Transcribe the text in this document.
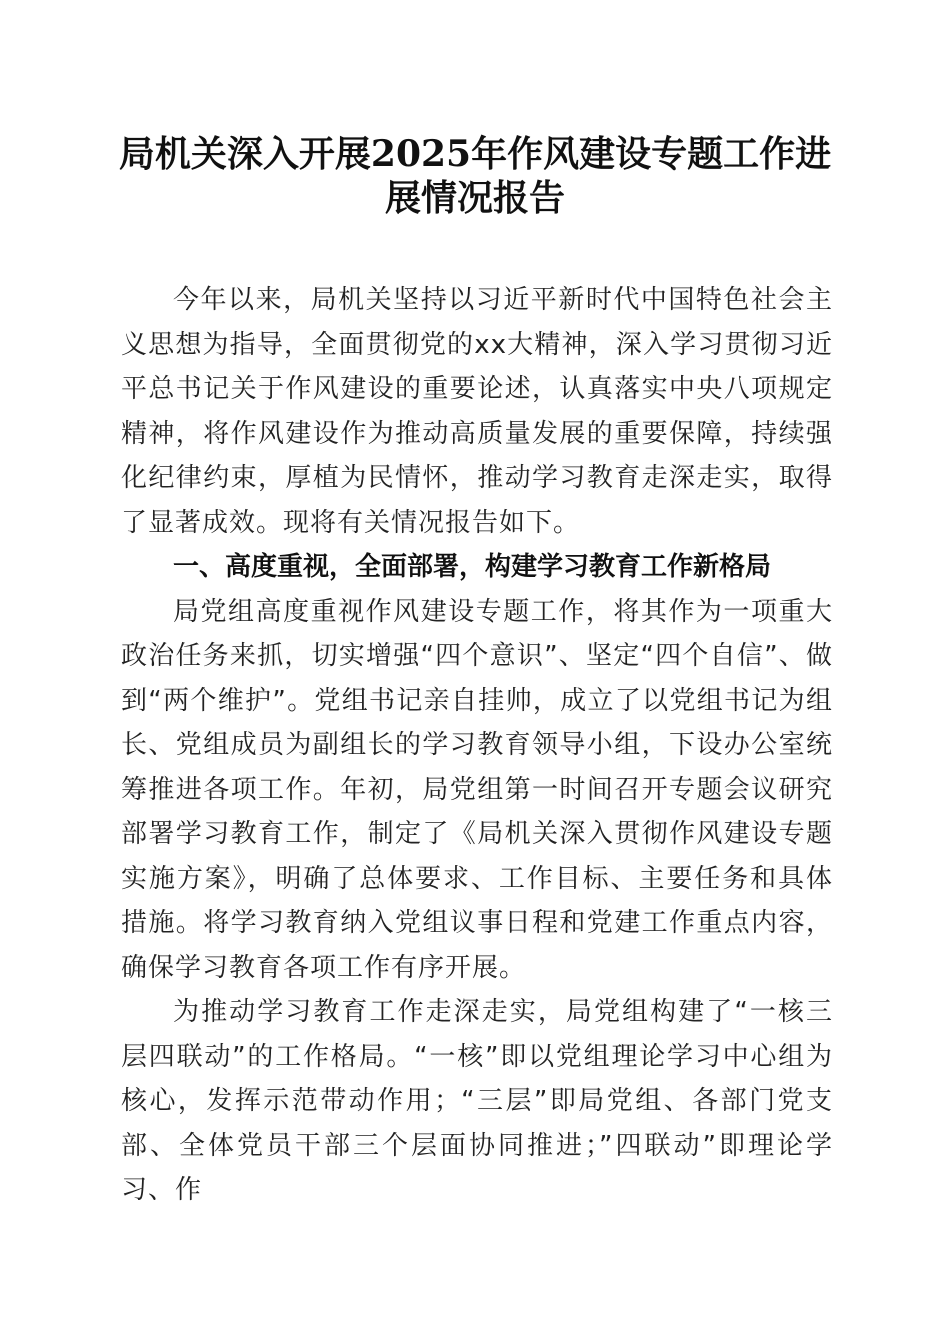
局机关深入开展2025年作风建设专题工作进
展情况报告

今年以来，局机关坚持以习近平新时代中国特色社会主义思想为指导，全面贯彻党的xx大精神，深入学习贯彻习近平总书记关于作风建设的重要论述，认真落实中央八项规定精神，将作风建设作为推动高质量发展的重要保障，持续强化纪律约束，厚植为民情怀，推动学习教育走深走实，取得了显著成效。现将有关情况报告如下。

一、高度重视，全面部署，构建学习教育工作新格局

局党组高度重视作风建设专题工作，将其作为一项重大政治任务来抓，切实增强“四个意识”、坚定“四个自信”、做到“两个维护”。党组书记亲自挂帅，成立了以党组书记为组长、党组成员为副组长的学习教育领导小组，下设办公室统筹推进各项工作。年初，局党组第一时间召开专题会议研究部署学习教育工作，制定了《局机关深入贯彻作风建设专题实施方案》，明确了总体要求、工作目标、主要任务和具体措施。将学习教育纳入党组议事日程和党建工作重点内容，确保学习教育各项工作有序开展。

为推动学习教育工作走深走实，局党组构建了“一核三层四联动”的工作格局。“一核”即以党组理论学习中心组为核心，发挥示范带动作用；“三层”即局党组、各部门党支部、全体党员干部三个层面协同推进；”四联动”即理论学习、作
